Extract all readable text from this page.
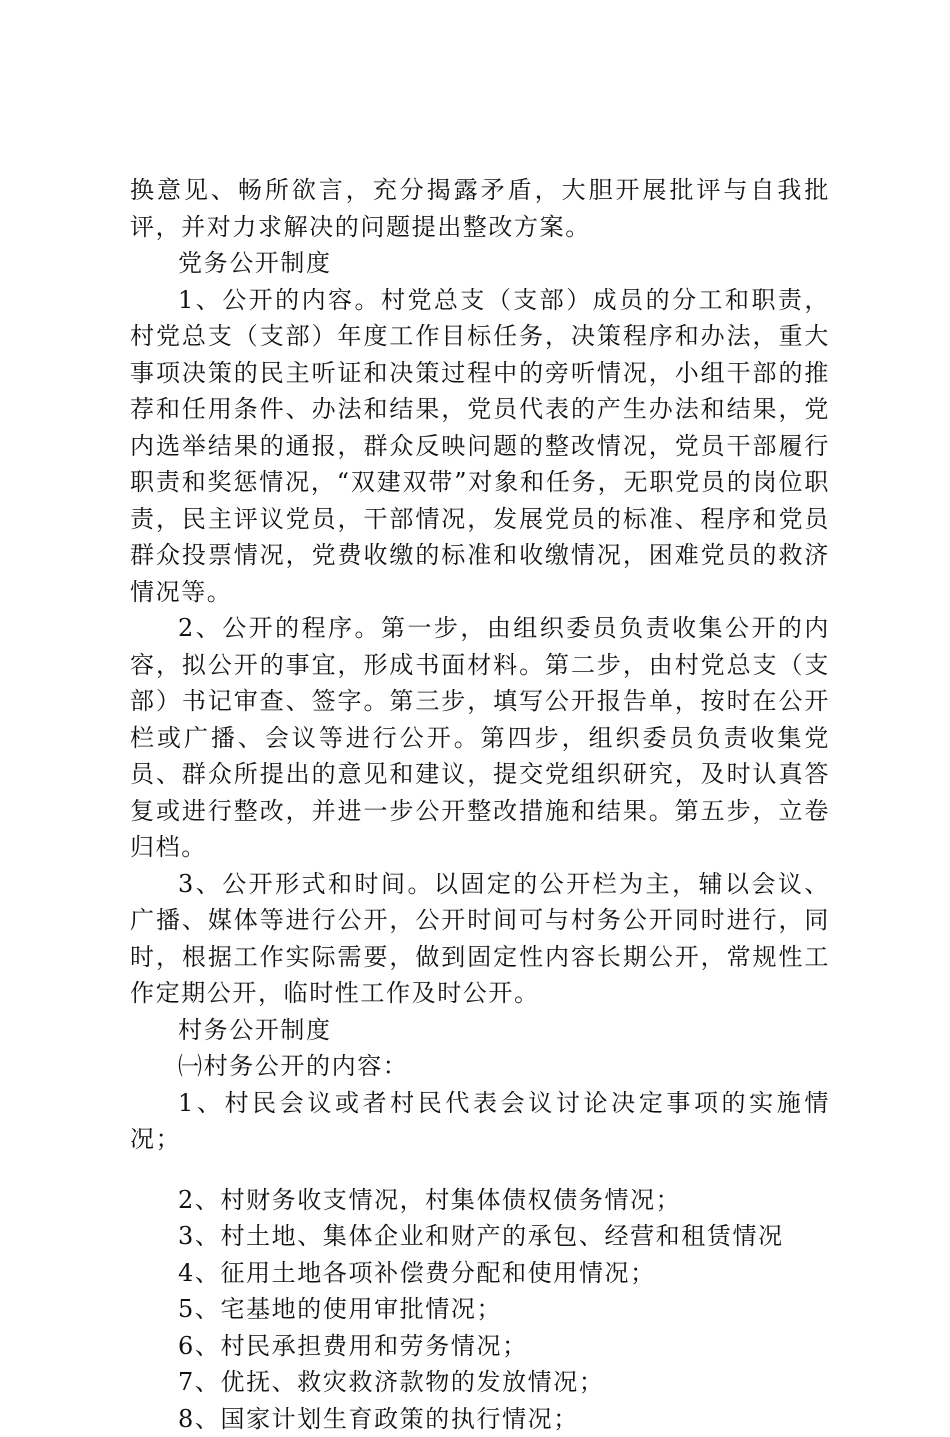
换意见、畅所欲言，充分揭露矛盾，大胆开展批评与自我批评，并对力求解决的问题提出整改方案。

党务公开制度

1、公开的内容。村党总支（支部）成员的分工和职责，村党总支（支部）年度工作目标任务，决策程序和办法，重大事项决策的民主听证和决策过程中的旁听情况，小组干部的推荐和任用条件、办法和结果，党员代表的产生办法和结果，党内选举结果的通报，群众反映问题的整改情况，党员干部履行职责和奖惩情况，“双建双带”对象和任务，无职党员的岗位职责，民主评议党员，干部情况，发展党员的标准、程序和党员群众投票情况，党费收缴的标准和收缴情况，困难党员的救济情况等。

2、公开的程序。第一步，由组织委员负责收集公开的内容，拟公开的事宜，形成书面材料。第二步，由村党总支（支部）书记审查、签字。第三步，填写公开报告单，按时在公开栏或广播、会议等进行公开。第四步，组织委员负责收集党员、群众所提出的意见和建议，提交党组织研究，及时认真答复或进行整改，并进一步公开整改措施和结果。第五步，立卷归档。

3、公开形式和时间。以固定的公开栏为主，辅以会议、广播、媒体等进行公开，公开时间可与村务公开同时进行，同时，根据工作实际需要，做到固定性内容长期公开，常规性工作定期公开，临时性工作及时公开。

村务公开制度

㈠村务公开的内容：

1、村民会议或者村民代表会议讨论决定事项的实施情况；

2、村财务收支情况，村集体债权债务情况；

3、村土地、集体企业和财产的承包、经营和租赁情况

4、征用土地各项补偿费分配和使用情况；

5、宅基地的使用审批情况；

6、村民承担费用和劳务情况；

7、优抚、救灾救济款物的发放情况；

8、国家计划生育政策的执行情况；
